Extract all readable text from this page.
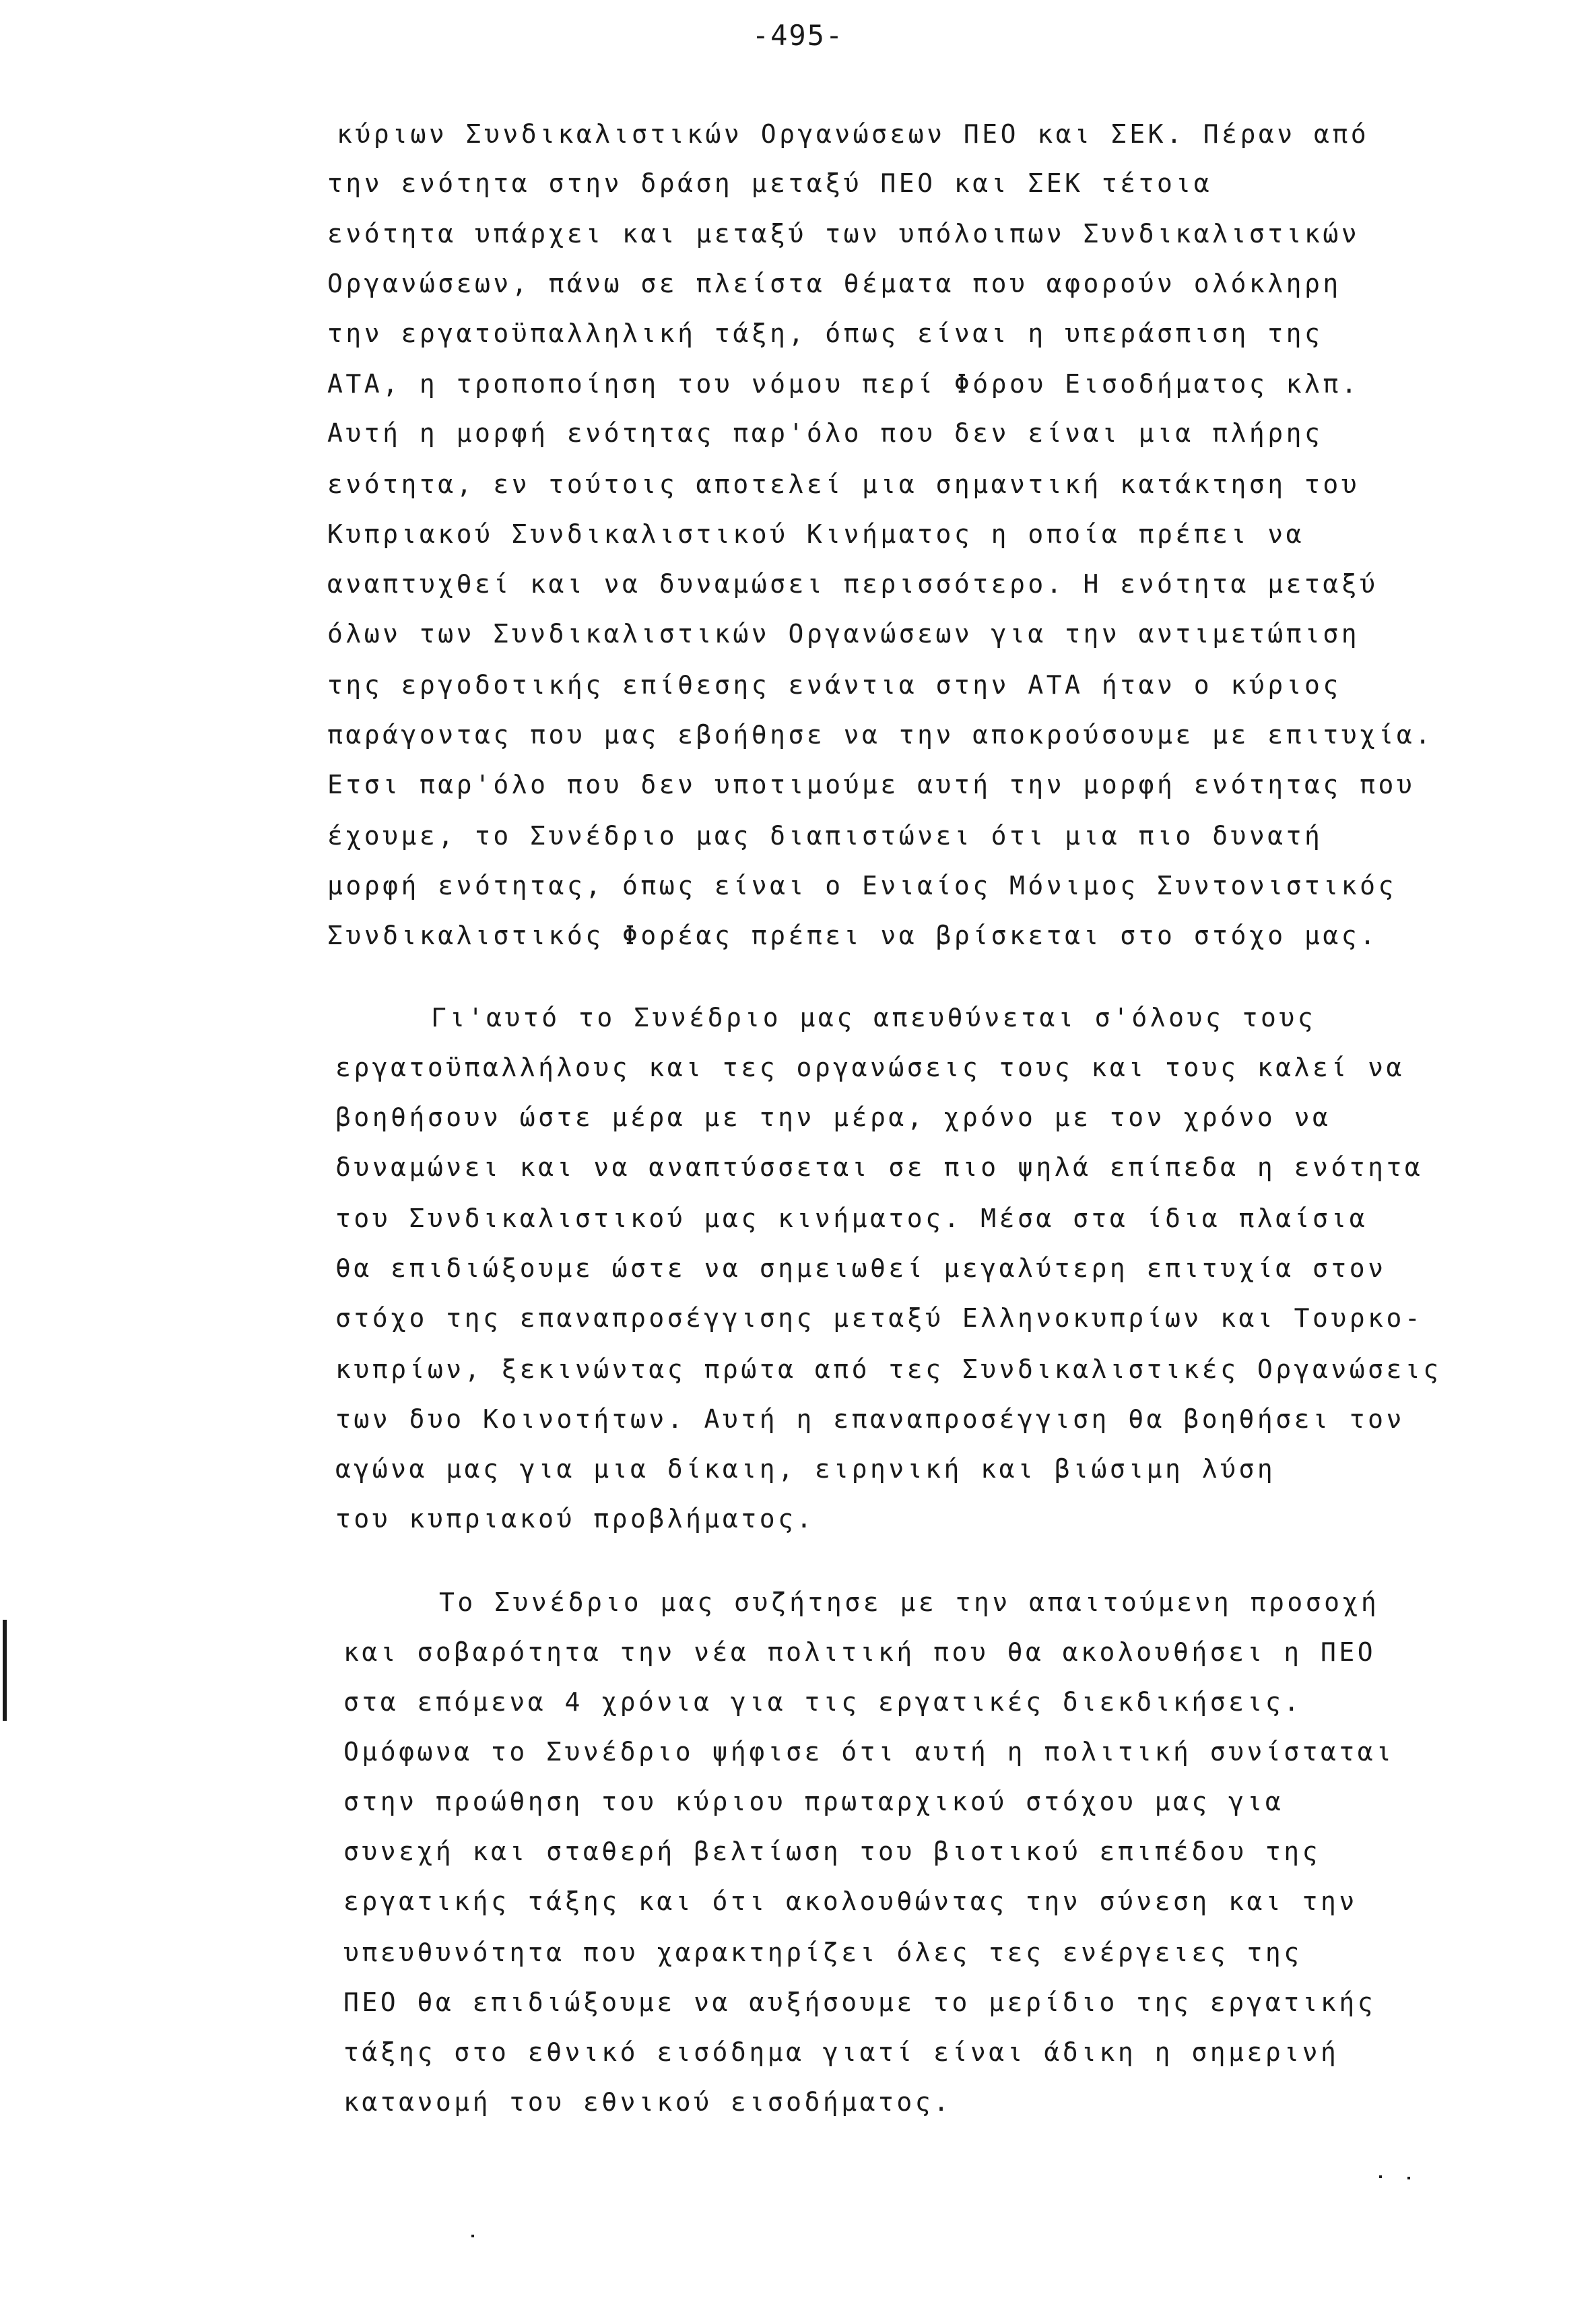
-495-
κύριων Συνδικαλιστικών Οργανώσεων ΠΕΟ και ΣΕΚ. Πέραν από
την ενότητα στην δράση μεταξύ ΠΕΟ και ΣΕΚ τέτοια
ενότητα υπάρχει και μεταξύ των υπόλοιπων Συνδικαλιστικών
Οργανώσεων, πάνω σε πλείστα θέματα που αφορούν ολόκληρη
την εργατοϋπαλληλική τάξη, όπως είναι η υπεράσπιση της
ΑΤΑ, η τροποποίηση του νόμου περί Φόρου Εισοδήματος κλπ.
Αυτή η μορφή ενότητας παρ'όλο που δεν είναι μια πλήρης
ενότητα, εν τούτοις αποτελεί μια σημαντική κατάκτηση του
Κυπριακού Συνδικαλιστικού Κινήματος η οποία πρέπει να
αναπτυχθεί και να δυναμώσει περισσότερο. Η ενότητα μεταξύ
όλων των Συνδικαλιστικών Οργανώσεων για την αντιμετώπιση
της εργοδοτικής επίθεσης ενάντια στην ΑΤΑ ήταν ο κύριος
παράγοντας που μας εβοήθησε να την αποκρούσουμε με επιτυχία.
Ετσι παρ'όλο που δεν υποτιμούμε αυτή την μορφή ενότητας που
έχουμε, το Συνέδριο μας διαπιστώνει ότι μια πιο δυνατή
μορφή ενότητας, όπως είναι ο Ενιαίος Μόνιμος Συντονιστικός
Συνδικαλιστικός Φορέας πρέπει να βρίσκεται στο στόχο μας.
Γι'αυτό το Συνέδριο μας απευθύνεται σ'όλους τους
εργατοϋπαλλήλους και τες οργανώσεις τους και τους καλεί να
βοηθήσουν ώστε μέρα με την μέρα, χρόνο με τον χρόνο να
δυναμώνει και να αναπτύσσεται σε πιο ψηλά επίπεδα η ενότητα
του Συνδικαλιστικού μας κινήματος. Μέσα στα ίδια πλαίσια
θα επιδιώξουμε ώστε να σημειωθεί μεγαλύτερη επιτυχία στον
στόχο της επαναπροσέγγισης μεταξύ Ελληνοκυπρίων και Τουρκο-
κυπρίων, ξεκινώντας πρώτα από τες Συνδικαλιστικές Οργανώσεις
των δυο Κοινοτήτων. Αυτή η επαναπροσέγγιση θα βοηθήσει τον
αγώνα μας για μια δίκαιη, ειρηνική και βιώσιμη λύση
του κυπριακού προβλήματος.
Το Συνέδριο μας συζήτησε με την απαιτούμενη προσοχή
και σοβαρότητα την νέα πολιτική που θα ακολουθήσει η ΠΕΟ
στα επόμενα 4 χρόνια για τις εργατικές διεκδικήσεις.
Ομόφωνα το Συνέδριο ψήφισε ότι αυτή η πολιτική συνίσταται
στην προώθηση του κύριου πρωταρχικού στόχου μας για
συνεχή και σταθερή βελτίωση του βιοτικού επιπέδου της
εργατικής τάξης και ότι ακολουθώντας την σύνεση και την
υπευθυνότητα που χαρακτηρίζει όλες τες ενέργειες της
ΠΕΟ θα επιδιώξουμε να αυξήσουμε το μερίδιο της εργατικής
τάξης στο εθνικό εισόδημα γιατί είναι άδικη η σημερινή
κατανομή του εθνικού εισοδήματος.
